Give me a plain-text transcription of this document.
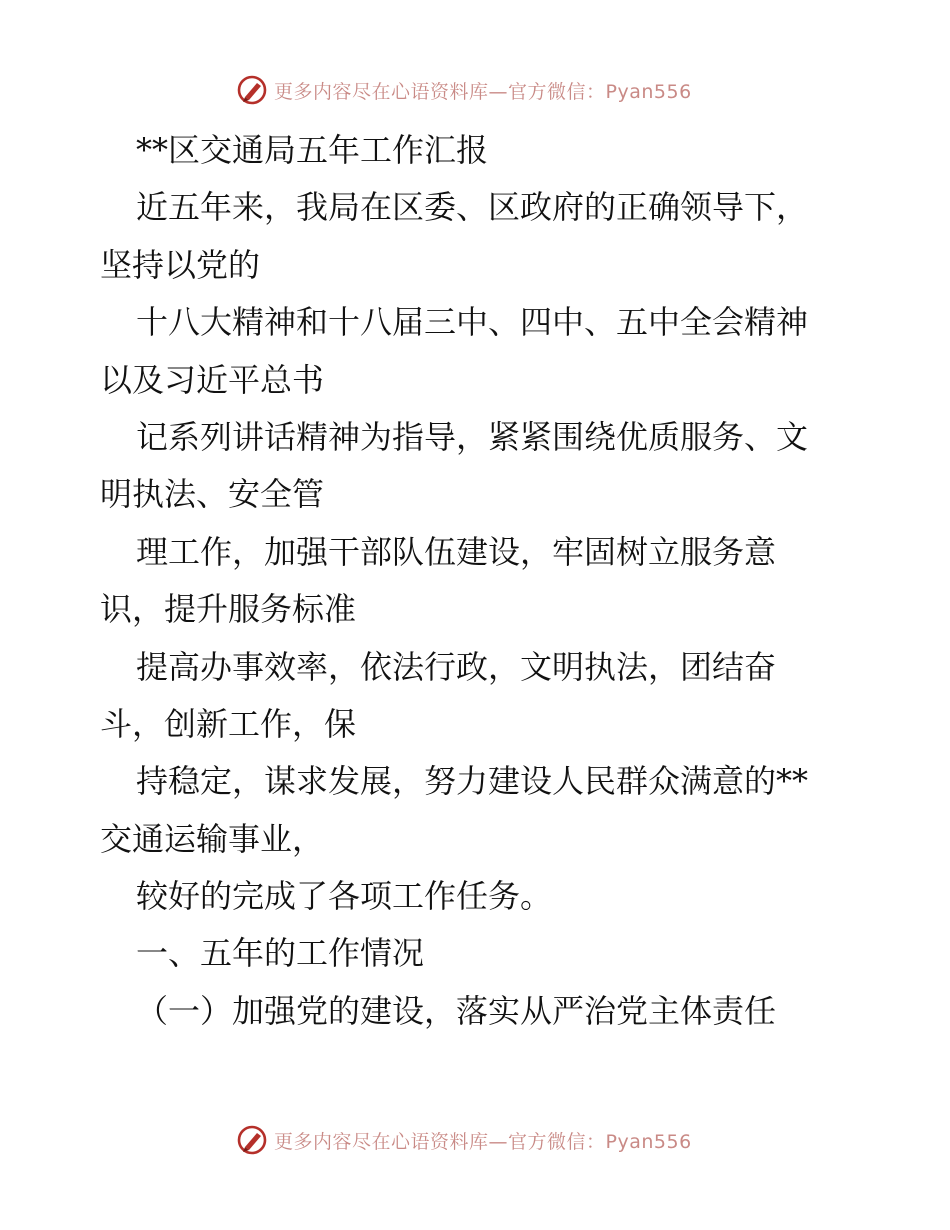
更多内容尽在心语资料库—官方微信：Pyan556
**区交通局五年工作汇报
近五年来，我局在区委、区政府的正确领导下，
坚持以党的
十八大精神和十八届三中、四中、五中全会精神
以及习近平总书
记系列讲话精神为指导，紧紧围绕优质服务、文
明执法、安全管
理工作，加强干部队伍建设，牢固树立服务意
识，提升服务标准
提高办事效率，依法行政，文明执法，团结奋
斗，创新工作，保
持稳定，谋求发展，努力建设人民群众满意的**
交通运输事业，
较好的完成了各项工作任务。
一、五年的工作情况
（一）加强党的建设，落实从严治党主体责任
更多内容尽在心语资料库—官方微信：Pyan556
